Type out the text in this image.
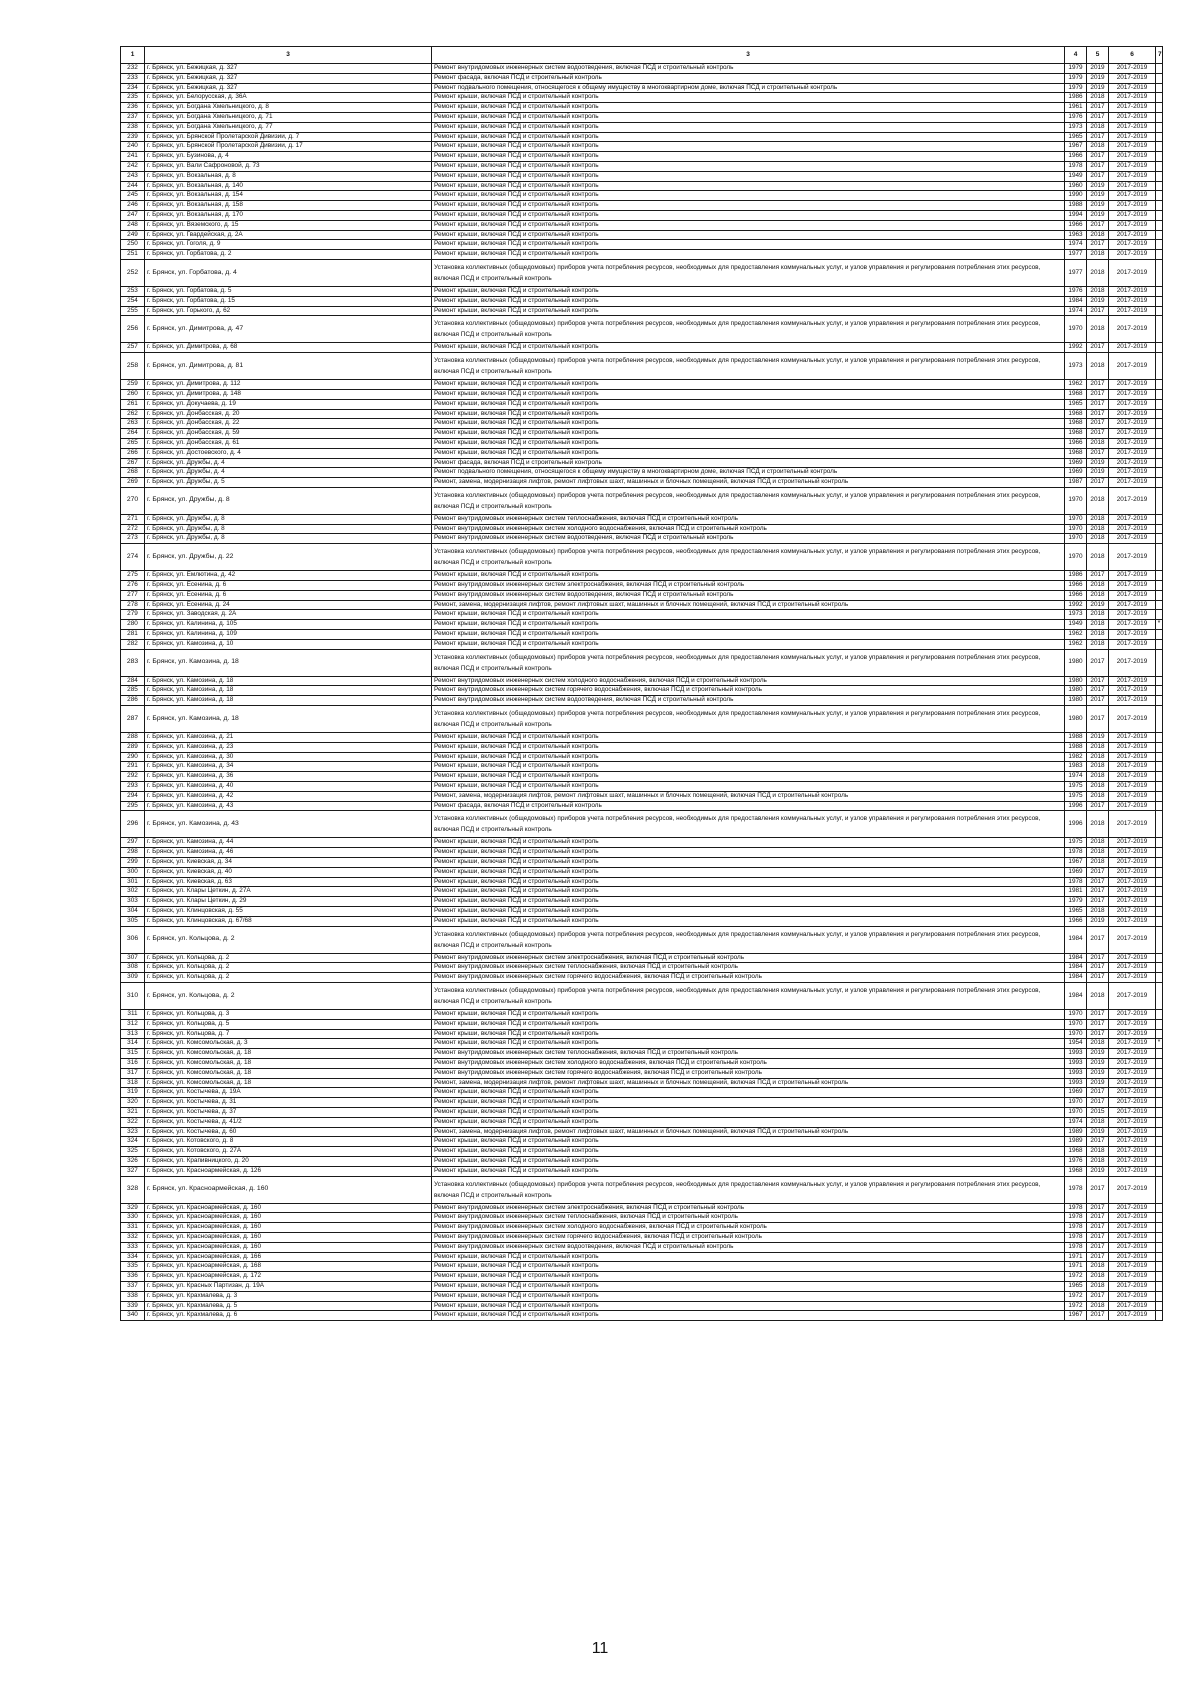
1	3	3	4	5	6	7
232	г. Брянск, ул. Бежицкая, д. 327	Ремонт внутридомовых инженерных систем водоотведения, включая ПСД и строительный контроль	1979	2019	2017-2019	
233	г. Брянск, ул. Бежицкая, д. 327	Ремонт фасада, включая ПСД и строительный контроль	1979	2019	2017-2019	
234	г. Брянск, ул. Бежицкая, д. 327	Ремонт подвального помещения, относящегося к общему имуществу в многоквартирном доме, включая ПСД и строительный контроль	1979	2019	2017-2019	
235	г. Брянск, ул. Белорусская, д. 36А	Ремонт крыши, включая ПСД и строительный контроль	1986	2018	2017-2019	
236	г. Брянск, ул. Богдана Хмельницкого, д. 8	Ремонт крыши, включая ПСД и строительный контроль	1961	2017	2017-2019	
237	г. Брянск, ул. Богдана Хмельницкого, д. 71	Ремонт крыши, включая ПСД и строительный контроль	1976	2017	2017-2019	
238	г. Брянск, ул. Богдана Хмельницкого, д. 77	Ремонт крыши, включая ПСД и строительный контроль	1973	2018	2017-2019	
239	г. Брянск, ул. Брянской Пролетарской Дивизии, д. 7	Ремонт крыши, включая ПСД и строительный контроль	1965	2017	2017-2019	
240	г. Брянск, ул. Брянской Пролетарской Дивизии, д. 17	Ремонт крыши, включая ПСД и строительный контроль	1967	2018	2017-2019	
241	г. Брянск, ул. Бузинова, д. 4	Ремонт крыши, включая ПСД и строительный контроль	1966	2017	2017-2019	
242	г. Брянск, ул. Вали Сафроновой, д. 73	Ремонт крыши, включая ПСД и строительный контроль	1978	2017	2017-2019	
243	г. Брянск, ул. Вокзальная, д. 8	Ремонт крыши, включая ПСД и строительный контроль	1949	2017	2017-2019	
244	г. Брянск, ул. Вокзальная, д. 140	Ремонт крыши, включая ПСД и строительный контроль	1960	2019	2017-2019	
245	г. Брянск, ул. Вокзальная, д. 154	Ремонт крыши, включая ПСД и строительный контроль	1990	2019	2017-2019	
246	г. Брянск, ул. Вокзальная, д. 158	Ремонт крыши, включая ПСД и строительный контроль	1988	2019	2017-2019	
247	г. Брянск, ул. Вокзальная, д. 170	Ремонт крыши, включая ПСД и строительный контроль	1994	2019	2017-2019	
248	г. Брянск, ул. Вяземского, д. 15	Ремонт крыши, включая ПСД и строительный контроль	1966	2017	2017-2019	
249	г. Брянск, ул. Гвардейская, д. 2А	Ремонт крыши, включая ПСД и строительный контроль	1963	2018	2017-2019	
250	г. Брянск, ул. Гоголя, д. 9	Ремонт крыши, включая ПСД и строительный контроль	1974	2017	2017-2019	
251	г. Брянск, ул. Горбатова, д. 2	Ремонт крыши, включая ПСД и строительный контроль	1977	2018	2017-2019	
252	г. Брянск, ул. Горбатова, д. 4	Установка коллективных (общедомовых) приборов учета потребления ресурсов, необходимых для предоставления коммунальных услуг, и узлов управления и регулирования потребления этих ресурсов, включая ПСД и строительный контроль	1977	2018	2017-2019	
253	г. Брянск, ул. Горбатова, д. 5	Ремонт крыши, включая ПСД и строительный контроль	1976	2018	2017-2019	
254	г. Брянск, ул. Горбатова, д. 15	Ремонт крыши, включая ПСД и строительный контроль	1984	2019	2017-2019	
255	г. Брянск, ул. Горького, д. 62	Ремонт крыши, включая ПСД и строительный контроль	1974	2017	2017-2019	
256	г. Брянск, ул. Димитрова, д. 47	Установка коллективных (общедомовых) приборов учета потребления ресурсов, необходимых для предоставления коммунальных услуг, и узлов управления и регулирования потребления этих ресурсов, включая ПСД и строительный контроль	1970	2018	2017-2019	
257	г. Брянск, ул. Димитрова, д. 68	Ремонт крыши, включая ПСД и строительный контроль	1992	2017	2017-2019	
258	г. Брянск, ул. Димитрова, д. 81	Установка коллективных (общедомовых) приборов учета потребления ресурсов, необходимых для предоставления коммунальных услуг, и узлов управления и регулирования потребления этих ресурсов, включая ПСД и строительный контроль	1973	2018	2017-2019	
259	г. Брянск, ул. Димитрова, д. 112	Ремонт крыши, включая ПСД и строительный контроль	1962	2017	2017-2019	
260	г. Брянск, ул. Димитрова, д. 148	Ремонт крыши, включая ПСД и строительный контроль	1968	2017	2017-2019	
261	г. Брянск, ул. Докучаева, д. 19	Ремонт крыши, включая ПСД и строительный контроль	1965	2017	2017-2019	
262	г. Брянск, ул. Донбасская, д. 20	Ремонт крыши, включая ПСД и строительный контроль	1968	2017	2017-2019	
263	г. Брянск, ул. Донбасская, д. 22	Ремонт крыши, включая ПСД и строительный контроль	1968	2017	2017-2019	
264	г. Брянск, ул. Донбасская, д. 59	Ремонт крыши, включая ПСД и строительный контроль	1968	2017	2017-2019	
265	г. Брянск, ул. Донбасская, д. 61	Ремонт крыши, включая ПСД и строительный контроль	1966	2018	2017-2019	
266	г. Брянск, ул. Достоевского, д. 4	Ремонт крыши, включая ПСД и строительный контроль	1968	2017	2017-2019	
267	г. Брянск, ул. Дружбы, д. 4	Ремонт фасада, включая ПСД и строительный контроль	1969	2019	2017-2019	
268	г. Брянск, ул. Дружбы, д. 4	Ремонт подвального помещения, относящегося к общему имуществу в многоквартирном доме, включая ПСД и строительный контроль	1969	2019	2017-2019	
269	г. Брянск, ул. Дружбы, д. 5	Ремонт, замена, модернизация лифтов, ремонт лифтовых шахт, машинных и блочных помещений, включая ПСД и строительный контроль	1987	2017	2017-2019	
270	г. Брянск, ул. Дружбы, д. 8	Установка коллективных (общедомовых) приборов учета потребления ресурсов, необходимых для предоставления коммунальных услуг, и узлов управления и регулирования потребления этих ресурсов, включая ПСД и строительный контроль	1970	2018	2017-2019	
271	г. Брянск, ул. Дружбы, д. 8	Ремонт внутридомовых инженерных систем теплоснабжения, включая ПСД и строительный контроль	1970	2018	2017-2019	
272	г. Брянск, ул. Дружбы, д. 8	Ремонт внутридомовых инженерных систем холодного водоснабжения, включая ПСД и строительный контроль	1970	2018	2017-2019	
273	г. Брянск, ул. Дружбы, д. 8	Ремонт внутридомовых инженерных систем водоотведения, включая ПСД и строительный контроль	1970	2018	2017-2019	
274	г. Брянск, ул. Дружбы, д. 22	Установка коллективных (общедомовых) приборов учета потребления ресурсов, необходимых для предоставления коммунальных услуг, и узлов управления и регулирования потребления этих ресурсов, включая ПСД и строительный контроль	1970	2018	2017-2019	
275	г. Брянск, ул. Емлютина, д. 42	Ремонт крыши, включая ПСД и строительный контроль	1986	2017	2017-2019	
276	г. Брянск, ул. Есенина, д. 6	Ремонт внутридомовых инженерных систем электроснабжения, включая ПСД и строительный контроль	1966	2018	2017-2019	
277	г. Брянск, ул. Есенина, д. 6	Ремонт внутридомовых инженерных систем водоотведения, включая ПСД и строительный контроль	1966	2018	2017-2019	
278	г. Брянск, ул. Есенина, д. 24	Ремонт, замена, модернизация лифтов, ремонт лифтовых шахт, машинных и блочных помещений, включая ПСД и строительный контроль	1992	2019	2017-2019	
279	г. Брянск, ул. Заводская, д. 2А	Ремонт крыши, включая ПСД и строительный контроль	1973	2018	2017-2019	
280	г. Брянск, ул. Калинина, д. 105	Ремонт крыши, включая ПСД и строительный контроль	1949	2018	2017-2019	*
281	г. Брянск, ул. Калинина, д. 109	Ремонт крыши, включая ПСД и строительный контроль	1962	2018	2017-2019	
282	г. Брянск, ул. Камозина, д. 10	Ремонт крыши, включая ПСД и строительный контроль	1962	2018	2017-2019	
283	г. Брянск, ул. Камозина, д. 18	Установка коллективных (общедомовых) приборов учета потребления ресурсов, необходимых для предоставления коммунальных услуг, и узлов управления и регулирования потребления этих ресурсов, включая ПСД и строительный контроль	1980	2017	2017-2019	
284	г. Брянск, ул. Камозина, д. 18	Ремонт внутридомовых инженерных систем холодного водоснабжения, включая ПСД и строительный контроль	1980	2017	2017-2019	
285	г. Брянск, ул. Камозина, д. 18	Ремонт внутридомовых инженерных систем горячего водоснабжения, включая ПСД и строительный контроль	1980	2017	2017-2019	
286	г. Брянск, ул. Камозина, д. 18	Ремонт внутридомовых инженерных систем водоотведения, включая ПСД и строительный контроль	1980	2017	2017-2019	
287	г. Брянск, ул. Камозина, д. 18	Установка коллективных (общедомовых) приборов учета потребления ресурсов, необходимых для предоставления коммунальных услуг, и узлов управления и регулирования потребления этих ресурсов, включая ПСД и строительный контроль	1980	2017	2017-2019	
288	г. Брянск, ул. Камозина, д. 21	Ремонт крыши, включая ПСД и строительный контроль	1988	2019	2017-2019	
289	г. Брянск, ул. Камозина, д. 23	Ремонт крыши, включая ПСД и строительный контроль	1988	2018	2017-2019	
290	г. Брянск, ул. Камозина, д. 30	Ремонт крыши, включая ПСД и строительный контроль	1982	2018	2017-2019	
291	г. Брянск, ул. Камозина, д. 34	Ремонт крыши, включая ПСД и строительный контроль	1983	2018	2017-2019	
292	г. Брянск, ул. Камозина, д. 36	Ремонт крыши, включая ПСД и строительный контроль	1974	2018	2017-2019	
293	г. Брянск, ул. Камозина, д. 40	Ремонт крыши, включая ПСД и строительный контроль	1975	2018	2017-2019	
294	г. Брянск, ул. Камозина, д. 42	Ремонт, замена, модернизация лифтов, ремонт лифтовых шахт, машинных и блочных помещений, включая ПСД и строительный контроль	1975	2018	2017-2019	
295	г. Брянск, ул. Камозина, д. 43	Ремонт фасада, включая ПСД и строительный контроль	1996	2017	2017-2019	
296	г. Брянск, ул. Камозина, д. 43	Установка коллективных (общедомовых) приборов учета потребления ресурсов, необходимых для предоставления коммунальных услуг, и узлов управления и регулирования потребления этих ресурсов, включая ПСД и строительный контроль	1996	2018	2017-2019	
297	г. Брянск, ул. Камозина, д. 44	Ремонт крыши, включая ПСД и строительный контроль	1975	2018	2017-2019	
298	г. Брянск, ул. Камозина, д. 46	Ремонт крыши, включая ПСД и строительный контроль	1978	2018	2017-2019	
299	г. Брянск, ул. Киевская, д. 34	Ремонт крыши, включая ПСД и строительный контроль	1967	2018	2017-2019	
300	г. Брянск, ул. Киевская, д. 40	Ремонт крыши, включая ПСД и строительный контроль	1969	2017	2017-2019	
301	г. Брянск, ул. Киевская, д. 63	Ремонт крыши, включая ПСД и строительный контроль	1978	2017	2017-2019	
302	г. Брянск, ул. Клары Цеткин, д. 27А	Ремонт крыши, включая ПСД и строительный контроль	1981	2017	2017-2019	
303	г. Брянск, ул. Клары Цеткин, д. 29	Ремонт крыши, включая ПСД и строительный контроль	1979	2017	2017-2019	
304	г. Брянск, ул. Клинцовская, д. 55	Ремонт крыши, включая ПСД и строительный контроль	1965	2018	2017-2019	
305	г. Брянск, ул. Клинцовская, д. 67/68	Ремонт крыши, включая ПСД и строительный контроль	1966	2019	2017-2019	
306	г. Брянск, ул. Кольцова, д. 2	Установка коллективных (общедомовых) приборов учета потребления ресурсов, необходимых для предоставления коммунальных услуг, и узлов управления и регулирования потребления этих ресурсов, включая ПСД и строительный контроль	1984	2017	2017-2019	
307	г. Брянск, ул. Кольцова, д. 2	Ремонт внутридомовых инженерных систем электроснабжения, включая ПСД и строительный контроль	1984	2017	2017-2019	
308	г. Брянск, ул. Кольцова, д. 2	Ремонт внутридомовых инженерных систем теплоснабжения, включая ПСД и строительный контроль	1984	2017	2017-2019	
309	г. Брянск, ул. Кольцова, д. 2	Ремонт внутридомовых инженерных систем горячего водоснабжения, включая ПСД и строительный контроль	1984	2017	2017-2019	
310	г. Брянск, ул. Кольцова, д. 2	Установка коллективных (общедомовых) приборов учета потребления ресурсов, необходимых для предоставления коммунальных услуг, и узлов управления и регулирования потребления этих ресурсов, включая ПСД и строительный контроль	1984	2018	2017-2019	
311	г. Брянск, ул. Кольцова, д. 3	Ремонт крыши, включая ПСД и строительный контроль	1970	2017	2017-2019	
312	г. Брянск, ул. Кольцова, д. 5	Ремонт крыши, включая ПСД и строительный контроль	1970	2017	2017-2019	
313	г. Брянск, ул. Кольцова, д. 7	Ремонт крыши, включая ПСД и строительный контроль	1970	2017	2017-2019	
314	г. Брянск, ул. Комсомольская, д. 3	Ремонт крыши, включая ПСД и строительный контроль	1954	2018	2017-2019	*
315	г. Брянск, ул. Комсомольская, д. 18	Ремонт внутридомовых инженерных систем теплоснабжения, включая ПСД и строительный контроль	1993	2019	2017-2019	
316	г. Брянск, ул. Комсомольская, д. 18	Ремонт внутридомовых инженерных систем холодного водоснабжения, включая ПСД и строительный контроль	1993	2019	2017-2019	
317	г. Брянск, ул. Комсомольская, д. 18	Ремонт внутридомовых инженерных систем горячего водоснабжения, включая ПСД и строительный контроль	1993	2019	2017-2019	
318	г. Брянск, ул. Комсомольская, д. 18	Ремонт, замена, модернизация лифтов, ремонт лифтовых шахт, машинных и блочных помещений, включая ПСД и строительный контроль	1993	2019	2017-2019	
319	г. Брянск, ул. Костычева, д. 19А	Ремонт крыши, включая ПСД и строительный контроль	1969	2017	2017-2019	
320	г. Брянск, ул. Костычева, д. 31	Ремонт крыши, включая ПСД и строительный контроль	1970	2017	2017-2019	
321	г. Брянск, ул. Костычева, д. 37	Ремонт крыши, включая ПСД и строительный контроль	1970	2015	2017-2019	
322	г. Брянск, ул. Костычева, д. 41/2	Ремонт крыши, включая ПСД и строительный контроль	1974	2018	2017-2019	
323	г. Брянск, ул. Костычева, д. 60	Ремонт, замена, модернизация лифтов, ремонт лифтовых шахт, машинных и блочных помещений, включая ПСД и строительный контроль	1989	2019	2017-2019	
324	г. Брянск, ул. Котовского, д. 8	Ремонт крыши, включая ПСД и строительный контроль	1989	2017	2017-2019	
325	г. Брянск, ул. Котовского, д. 27А	Ремонт крыши, включая ПСД и строительный контроль	1968	2018	2017-2019	
326	г. Брянск, ул. Крапивницкого, д. 20	Ремонт крыши, включая ПСД и строительный контроль	1976	2018	2017-2019	
327	г. Брянск, ул. Красноармейская, д. 126	Ремонт крыши, включая ПСД и строительный контроль	1968	2019	2017-2019	
328	г. Брянск, ул. Красноармейская, д. 160	Установка коллективных (общедомовых) приборов учета потребления ресурсов, необходимых для предоставления коммунальных услуг, и узлов управления и регулирования потребления этих ресурсов, включая ПСД и строительный контроль	1978	2017	2017-2019	
329	г. Брянск, ул. Красноармейская, д. 160	Ремонт внутридомовых инженерных систем электроснабжения, включая ПСД и строительный контроль	1978	2017	2017-2019	
330	г. Брянск, ул. Красноармейская, д. 160	Ремонт внутридомовых инженерных систем теплоснабжения, включая ПСД и строительный контроль	1978	2017	2017-2019	
331	г. Брянск, ул. Красноармейская, д. 160	Ремонт внутридомовых инженерных систем холодного водоснабжения, включая ПСД и строительный контроль	1978	2017	2017-2019	
332	г. Брянск, ул. Красноармейская, д. 160	Ремонт внутридомовых инженерных систем горячего водоснабжения, включая ПСД и строительный контроль	1978	2017	2017-2019	
333	г. Брянск, ул. Красноармейская, д. 160	Ремонт внутридомовых инженерных систем водоотведения, включая ПСД и строительный контроль	1978	2017	2017-2019	
334	г. Брянск, ул. Красноармейская, д. 166	Ремонт крыши, включая ПСД и строительный контроль	1971	2017	2017-2019	
335	г. Брянск, ул. Красноармейская, д. 168	Ремонт крыши, включая ПСД и строительный контроль	1971	2018	2017-2019	
336	г. Брянск, ул. Красноармейская, д. 172	Ремонт крыши, включая ПСД и строительный контроль	1972	2018	2017-2019	
337	г. Брянск, ул. Красных Партизан, д. 19А	Ремонт крыши, включая ПСД и строительный контроль	1965	2018	2017-2019	
338	г. Брянск, ул. Крахмалева, д. 3	Ремонт крыши, включая ПСД и строительный контроль	1972	2017	2017-2019	
339	г. Брянск, ул. Крахмалева, д. 5	Ремонт крыши, включая ПСД и строительный контроль	1972	2018	2017-2019	
340	г. Брянск, ул. Крахмалева, д. 6	Ремонт крыши, включая ПСД и строительный контроль	1967	2017	2017-2019	
11
